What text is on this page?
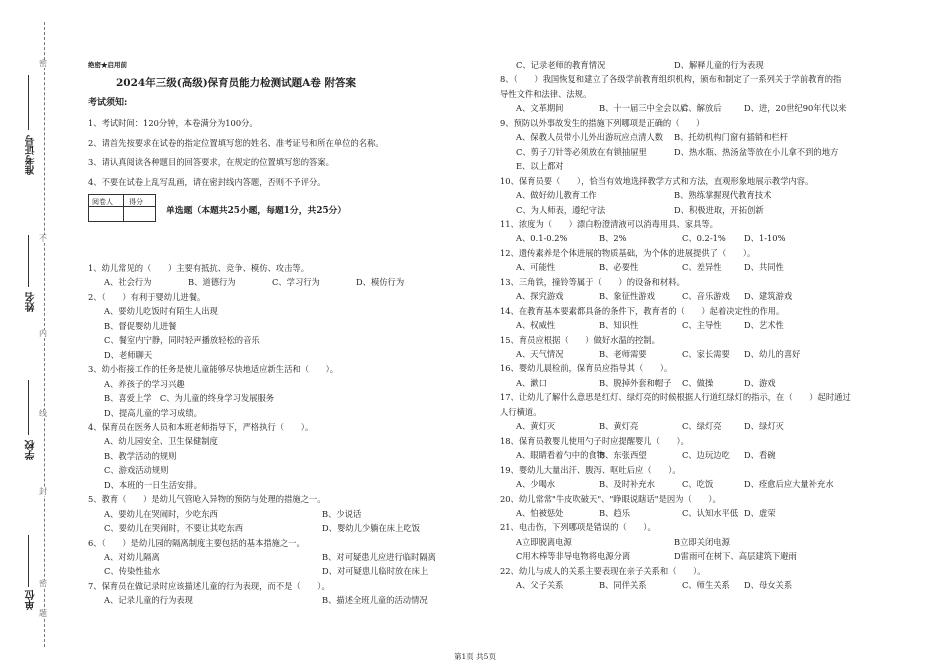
密
不
内
线
封
密
题
准考证号
姓名
学校
单位
绝密★启用前
2024年三级(高级)保育员能力检测试题A卷 附答案
考试须知:
1、考试时间：120分钟，本卷满分为100分。
2、请首先按要求在试卷的指定位置填写您的姓名、准考证号和所在单位的名称。
3、请认真阅读各种题目的回答要求，在规定的位置填写您的答案。
4、不要在试卷上乱写乱画，请在密封线内答题，否则不予评分。
阅卷人 得分
单选题（本题共25小题，每题1分，共25分）
1、幼儿常见的（　　）主要有抵抗、竞争、模仿、攻击等。
A、社会行为	B、道德行为	C、学习行为	D、模仿行为
2、（　　）有利于婴幼儿进餐。
A、要幼儿吃饭时有陌生人出现
B、督促婴幼儿进餐
C、餐室内宁静，同时轻声播放轻松的音乐
D、老师聊天
3、幼小衔接工作的任务是使儿童能够尽快地适应新生活和（　　）。
A、养孩子的学习兴趣
B、喜爱上学　C、为儿童的终身学习发展服务
D、提高儿童的学习成绩。
4、保育员在医务人员和本班老师指导下，严格执行（　　）。
A、幼儿园安全、卫生保健制度
B、教学活动的规则
C、游戏活动规则
D、本班的一日生活安排。
5、教育（　　）是幼儿气管呛入异物的预防与处理的措施之一。
A、要幼儿在哭闹时，少吃东西	B、少说话
C、要幼儿在哭闹时，不要让其吃东西	D、婴幼儿少躺在床上吃饭
6、（　　）是幼儿园的隔离制度主要包括的基本措施之一。
A、对幼儿隔离	B、对可疑患儿应进行临时隔离
C、传染性盐水	D、对可疑患儿临时放在床上
7、保育员在做记录时应该描述儿童的行为表现，而不是（　　）。
A、记录儿童的行为表现	B、描述全班儿童的活动情况
C、记录老师的教育情况	D、解释儿童的行为表现
8、（　　）我国恢复和建立了各级学前教育组织机构，颁布和制定了一系列关于学前教育的指
导性文件和法律、法规。
A、文革期间	B、十一届三中全会以后
C、解放后	D、进，20世纪90年代以来
9、预防以外事故发生的措施下列哪项是正确的（　　）
A、保教人员带小儿外出游玩应点清人数 B、托幼机构门窗有插销和栏杆
C、剪子刀针等必须放在有锁抽屉里	D、热水瓶、热汤盆等放在小儿拿不到的地方
E、以上都对
10、保育员要（　　），恰当有效地选择教学方式和方法，直观形象地展示教学内容。
A、做好幼儿教育工作	B、熟练掌握现代教育技术
C、为人师表，遵纪守法	D、积极进取，开拓创新
11、浓度为（　　）漂白粉澄清液可以消毒用具、家具等。
A、0.1-0.2%	B、2%	C、0.2-1% D、1-10%
12、遗传素养是个体进展的物质基础，为个体的进展提供了（　　）。
A、可能性	B、必要性	C、差异性	D、共同性
13、三角铁，撞铃等属于（　　）的设备和材料。
A、探究游戏	B、象征性游戏	C、音乐游戏 D、建筑游戏
14、在教育基本要素都具备的条件下，教育者的（　　）起着决定性的作用。
A、权威性	B、知识性	C、主导性	D、艺术性
15、育员应根据（　　）做好水温的控制。
A、天气情况	B、老师需要	C、家长需要 D、幼儿的喜好
16、婴幼儿晨检前，保育员应指导其（　　）。
A、漱口	B、脱掉外套和帽子 C、做操	D、游戏
17、让幼儿了解什么意思是红灯、绿灯亮的时候根据人行道红绿灯的指示，在（　　）起时通过
人行横道。
A、黄灯灭	B、黄灯亮	C、绿灯亮	D、绿灯灭
18、保育员教婴儿使用勺子时应提醒婴儿（　　）。
A、眼睛看着勺中的食物
B、东张西望	C、边玩边吃 D、看碗
19、婴幼儿大量出汗、腹泻、呕吐后应（　　）。
A、少喝水	B、及时补充水	C、吃饭	D、痊愈后应大量补充水
20、幼儿常常"牛皮吹破天"、"睁眼说瞎话"是因为（　　）。
A、怕被惩处	B、趋乐	C、认知水平低 D、虚荣
21、电击伤，下列哪项是错误的（　　）。
A立即脱离电源	B立即关闭电源
C用木棒等非导电物将电源分离	D雷雨可在树下、高层建筑下避雨
22、幼儿与成人的关系主要表现在亲子关系和（　　）。
A、父子关系	B、同伴关系	C、师生关系 D、母女关系
第1页 共5页
